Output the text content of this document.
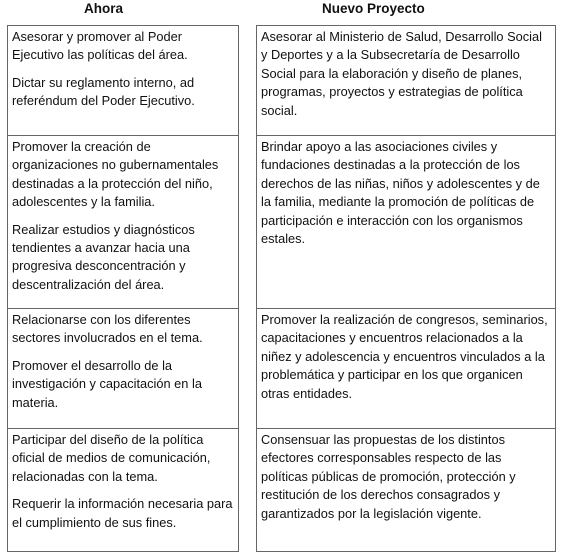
Ahora	Nuevo Proyecto

Asesorar y promover al Poder Ejecutivo las políticas del área.

Dictar su reglamento interno, ad referéndum del Poder Ejecutivo.

Asesorar al Ministerio de Salud, Desarrollo Social y Deportes y a la Subsecretaría de Desarrollo Social para la elaboración y diseño de planes, programas, proyectos y estrategias de política social.

Promover la creación de organizaciones no gubernamentales destinadas a la protección del niño, adolescentes y la familia.

Realizar estudios y diagnósticos tendientes a avanzar hacia una progresiva desconcentración y descentralización del área.

Brindar apoyo a las asociaciones civiles y fundaciones destinadas a la protección de los derechos de las niñas, niños y adolescentes y de la familia, mediante la promoción de políticas de participación e interacción con los organismos estales.

Relacionarse con los diferentes sectores involucrados en el tema.

Promover el desarrollo de la investigación y capacitación en la materia.

Promover la realización de congresos, seminarios, capacitaciones y encuentros relacionados a la niñez y adolescencia y encuentros vinculados a la problemática y participar en los que organicen otras entidades.

Participar del diseño de la política oficial de medios de comunicación, relacionadas con la tema.

Requerir la información necesaria para el cumplimiento de sus fines.

Consensuar las propuestas de los distintos efectores corresponsables respecto de las políticas públicas de promoción, protección y restitución de los derechos consagrados y garantizados por la legislación vigente.
